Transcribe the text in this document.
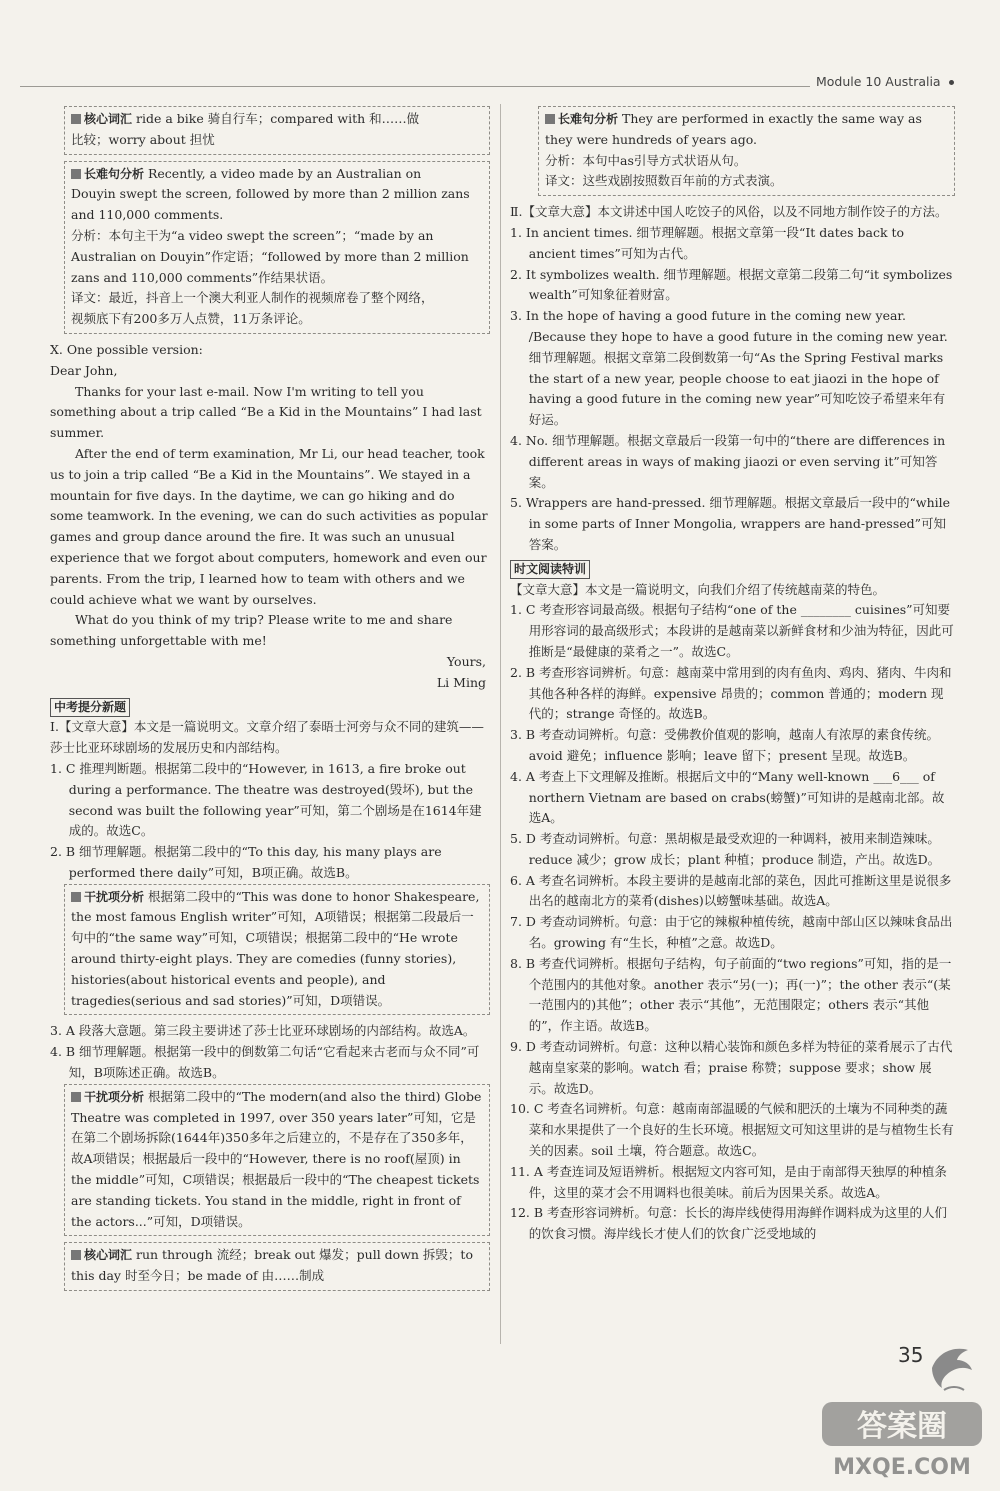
Module 10 Australia

核心词汇 ride a bike 骑自行车；compared with 和……做

比较；worry about 担忧

长难句分析 Recently, a video made by an Australian on

Douyin swept the screen, followed by more than 2 million zans

and 110,000 comments.

分析：本句主干为“a video swept the screen”；“made by an

Australian on Douyin”作定语；“followed by more than 2 million zans and 110,000 comments”作结果状语。

译文：最近，抖音上一个澳大利亚人制作的视频席卷了整个网络，

视频底下有200多万人点赞，11万条评论。

Ⅹ. One possible version:

Dear John,

Thanks for your last e-mail. Now I'm writing to tell you something about a trip called “Be a Kid in the Mountains” I had last summer.

After the end of term examination, Mr Li, our head teacher, took us to join a trip called “Be a Kid in the Mountains”. We stayed in a mountain for five days. In the daytime, we can go hiking and do some teamwork. In the evening, we can do such activities as popular games and group dance around the fire. It was such an unusual experience that we forgot about computers, homework and even our parents. From the trip, I learned how to team with others and we could achieve what we want by ourselves.

What do you think of my trip? Please write to me and share something unforgettable with me!

Yours,

Li Ming

中考提分新题

Ⅰ.【文章大意】本文是一篇说明文。文章介绍了泰晤士河旁与众不同的建筑——莎士比亚环球剧场的发展历史和内部结构。

1. C 推理判断题。根据第二段中的“However, in 1613, a fire broke out during a performance. The theatre was destroyed(毁坏), but the second was built the following year”可知，第二个剧场是在1614年建成的。故选C。

2. B 细节理解题。根据第二段中的“To this day, his many plays are performed there daily”可知，B项正确。故选B。

干扰项分析 根据第二段中的“This was done to honor Shakespeare, the most famous English writer”可知，A项错误；根据第二段最后一句中的“the same way”可知，C项错误；根据第二段中的“He wrote around thirty-eight plays. They are comedies (funny stories), histories(about historical events and people), and tragedies(serious and sad stories)”可知，D项错误。

3. A 段落大意题。第三段主要讲述了莎士比亚环球剧场的内部结构。故选A。

4. B 细节理解题。根据第一段中的倒数第二句话“它看起来古老而与众不同”可知，B项陈述正确。故选B。

干扰项分析 根据第二段中的“The modern(and also the third) Globe Theatre was completed in 1997, over 350 years later”可知，它是在第二个剧场拆除(1644年)350多年之后建立的，不是存在了350多年，故A项错误；根据最后一段中的“However, there is no roof(屋顶) in the middle”可知，C项错误；根据最后一段中的“The cheapest tickets are standing tickets. You stand in the middle, right in front of the actors...”可知，D项错误。

核心词汇 run through 流经；break out 爆发；pull down 拆毁；to this day 时至今日；be made of 由……制成

长难句分析 They are performed in exactly the same way as

they were hundreds of years ago.

分析：本句中as引导方式状语从句。

译文：这些戏剧按照数百年前的方式表演。

Ⅱ.【文章大意】本文讲述中国人吃饺子的风俗，以及不同地方制作饺子的方法。

1. In ancient times. 细节理解题。根据文章第一段“It dates back to ancient times”可知为古代。

2. It symbolizes wealth. 细节理解题。根据文章第二段第二句“it symbolizes wealth”可知象征着财富。

3. In the hope of having a good future in the coming new year. /Because they hope to have a good future in the coming new year. 细节理解题。根据文章第二段倒数第一句“As the Spring Festival marks the start of a new year, people choose to eat jiaozi in the hope of having a good future in the coming new year”可知吃饺子希望来年有好运。

4. No. 细节理解题。根据文章最后一段第一句中的“there are differences in different areas in ways of making jiaozi or even serving it”可知答案。

5. Wrappers are hand-pressed. 细节理解题。根据文章最后一段中的“while in some parts of Inner Mongolia, wrappers are hand-pressed”可知答案。

时文阅读特训

【文章大意】本文是一篇说明文，向我们介绍了传统越南菜的特色。

1. C 考查形容词最高级。根据句子结构“one of the ________ cuisines”可知要用形容词的最高级形式；本段讲的是越南菜以新鲜食材和少油为特征，因此可推断是“最健康的菜肴之一”。故选C。

2. B 考查形容词辨析。句意：越南菜中常用到的肉有鱼肉、鸡肉、猪肉、牛肉和其他各种各样的海鲜。expensive 昂贵的；common 普通的；modern 现代的；strange 奇怪的。故选B。

3. B 考查动词辨析。句意：受佛教价值观的影响，越南人有浓厚的素食传统。avoid 避免；influence 影响；leave 留下；present 呈现。故选B。

4. A 考查上下文理解及推断。根据后文中的“Many well-known ___6___ of northern Vietnam are based on crabs(螃蟹)”可知讲的是越南北部。故选A。

5. D 考查动词辨析。句意：黑胡椒是最受欢迎的一种调料，被用来制造辣味。reduce 减少；grow 成长；plant 种植；produce 制造，产出。故选D。

6. A 考查名词辨析。本段主要讲的是越南北部的菜色，因此可推断这里是说很多出名的越南北方的菜肴(dishes)以螃蟹味基础。故选A。

7. D 考查动词辨析。句意：由于它的辣椒种植传统，越南中部山区以辣味食品出名。growing 有“生长，种植”之意。故选D。

8. B 考查代词辨析。根据句子结构，句子前面的“two regions”可知，指的是一个范围内的其他对象。another 表示“另(一)；再(一)”；the other 表示“(某一范围内的)其他”；other 表示“其他”，无范围限定；others 表示“其他的”，作主语。故选B。

9. D 考查动词辨析。句意：这种以精心装饰和颜色多样为特征的菜肴展示了古代越南皇家菜的影响。watch 看；praise 称赞；suppose 要求；show 展示。故选D。

10. C 考查名词辨析。句意：越南南部温暖的气候和肥沃的土壤为不同种类的蔬菜和水果提供了一个良好的生长环境。根据短文可知这里讲的是与植物生长有关的因素。soil 土壤，符合题意。故选C。

11. A 考查连词及短语辨析。根据短文内容可知，是由于南部得天独厚的种植条件，这里的菜才会不用调料也很美味。前后为因果关系。故选A。

12. B 考查形容词辨析。句意：长长的海岸线使得用海鲜作调料成为这里的人们的饮食习惯。海岸线长才使人们的饮食广泛受地域的

35
答案圈
MXQE.COM
